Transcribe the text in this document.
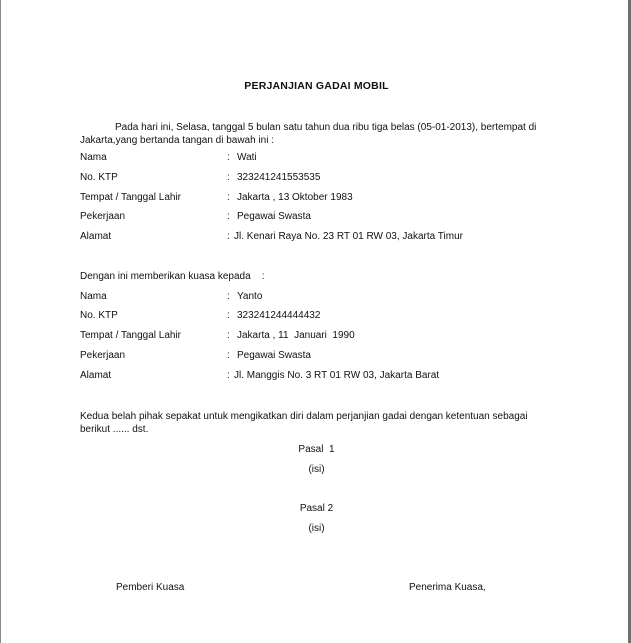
PERJANJIAN GADAI MOBIL
Pada hari ini, Selasa, tanggal 5 bulan satu tahun dua ribu tiga belas (05-01-2013), bertempat di Jakarta,yang bertanda tangan di bawah ini :
Nama	: Wati
No. KTP	: 323241241553535
Tempat / Tanggal Lahir	: Jakarta , 13 Oktober 1983
Pekerjaan	: Pegawai Swasta
Alamat	: Jl. Kenari Raya No. 23 RT 01 RW 03, Jakarta Timur
Dengan ini memberikan kuasa kepada    :
Nama	: Yanto
No. KTP	: 323241244444432
Tempat / Tanggal Lahir	: Jakarta , 11  Januari  1990
Pekerjaan	: Pegawai Swasta
Alamat	: Jl. Manggis No. 3 RT 01 RW 03, Jakarta Barat
Kedua belah pihak sepakat untuk mengikatkan diri dalam perjanjian gadai dengan ketentuan sebagai berikut ...... dst.
Pasal  1
(isi)
Pasal 2
(isi)
Pemberi Kuasa	Penerima Kuasa,
